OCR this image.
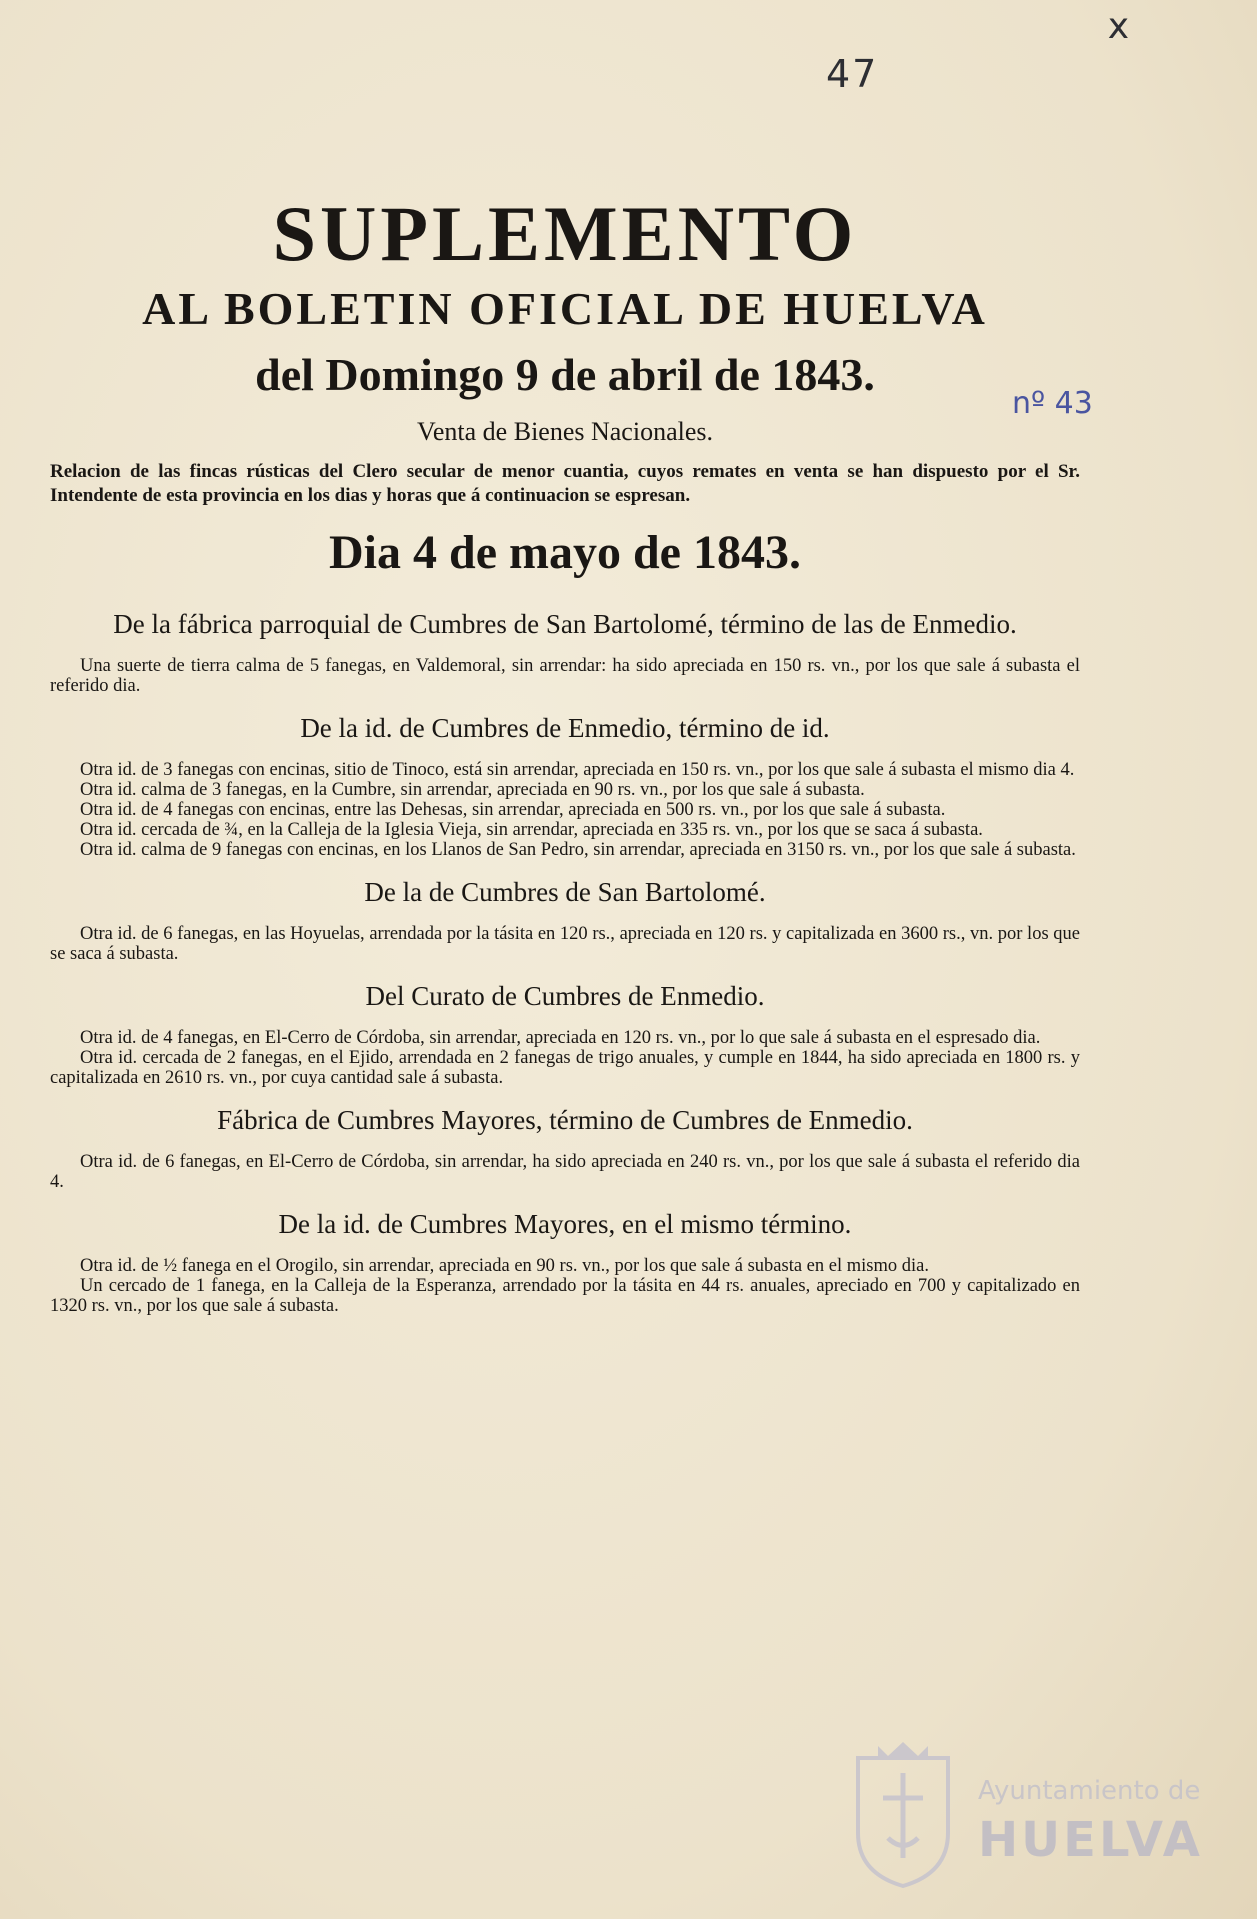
x
47
nº 43

SUPLEMENTO

AL BOLETIN OFICIAL DE HUELVA

del Domingo 9 de abril de 1843.

Venta de Bienes Nacionales.

Relacion de las fincas rústicas del Clero secular de menor cuantia, cuyos remates en venta se han dispuesto por el Sr. Intendente de esta provincia en los dias y horas que á continuacion se espresan.

Dia 4 de mayo de 1843.

De la fábrica parroquial de Cumbres de San Bartolomé, término de las de Enmedio.

Una suerte de tierra calma de 5 fanegas, en Valdemoral, sin arrendar: ha sido apreciada en 150 rs. vn., por los que sale á subasta el referido dia.

De la id. de Cumbres de Enmedio, término de id.

Otra id. de 3 fanegas con encinas, sitio de Tinoco, está sin arrendar, apreciada en 150 rs. vn., por los que sale á subasta el mismo dia 4.

Otra id. calma de 3 fanegas, en la Cumbre, sin arrendar, apreciada en 90 rs. vn., por los que sale á subasta.

Otra id. de 4 fanegas con encinas, entre las Dehesas, sin arrendar, apreciada en 500 rs. vn., por los que sale á subasta.

Otra id. cercada de ¾, en la Calleja de la Iglesia Vieja, sin arrendar, apreciada en 335 rs. vn., por los que se saca á subasta.

Otra id. calma de 9 fanegas con encinas, en los Llanos de San Pedro, sin arrendar, apreciada en 3150 rs. vn., por los que sale á subasta.

De la de Cumbres de San Bartolomé.

Otra id. de 6 fanegas, en las Hoyuelas, arrendada por la tásita en 120 rs., apreciada en 120 rs. y capitalizada en 3600 rs., vn. por los que se saca á subasta.

Del Curato de Cumbres de Enmedio.

Otra id. de 4 fanegas, en El-Cerro de Córdoba, sin arrendar, apreciada en 120 rs. vn., por lo que sale á subasta en el espresado dia.

Otra id. cercada de 2 fanegas, en el Ejido, arrendada en 2 fanegas de trigo anuales, y cumple en 1844, ha sido apreciada en 1800 rs. y capitalizada en 2610 rs. vn., por cuya cantidad sale á subasta.

Fábrica de Cumbres Mayores, término de Cumbres de Enmedio.

Otra id. de 6 fanegas, en El-Cerro de Córdoba, sin arrendar, ha sido apreciada en 240 rs. vn., por los que sale á subasta el referido dia 4.

De la id. de Cumbres Mayores, en el mismo término.

Otra id. de ½ fanega en el Orogilo, sin arrendar, apreciada en 90 rs. vn., por los que sale á subasta en el mismo dia.

Un cercado de 1 fanega, en la Calleja de la Esperanza, arrendado por la tásita en 44 rs. anuales, apreciado en 700 y capitalizado en 1320 rs. vn., por los que sale á subasta.

Ayuntamiento de
HUELVA
